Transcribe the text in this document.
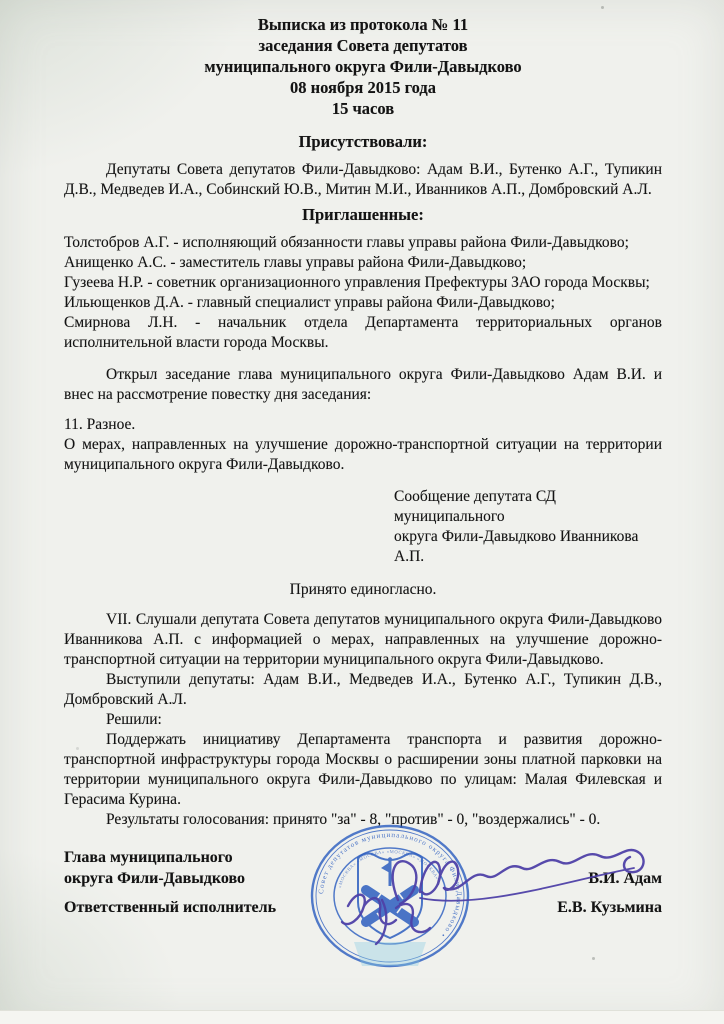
Выписка из протокола № 11
заседания Совета депутатов
муниципального округа Фили-Давыдково
08 ноября 2015 года
15 часов
Присутствовали:

Депутаты Совета депутатов Фили-Давыдково: Адам В.И., Бутенко А.Г., Тупикин Д.В., Медведев И.А., Собинский Ю.В., Митин М.И., Иванников А.П., Домбровский А.Л.

Приглашенные:

Толстобров А.Г. - исполняющий обязанности главы управы района Фили-Давыдково;

Анищенко А.С. - заместитель главы управы района Фили-Давыдково;

Гузеева Н.Р. - советник организационного управления Префектуры ЗАО города Москвы;

Ильющенков Д.А. - главный специалист управы района Фили-Давыдково;

Смирнова Л.Н. - начальник отдела Департамента территориальных органов исполнительной власти города Москвы.

Открыл заседание глава муниципального округа Фили-Давыдково Адам В.И. и внес на рассмотрение повестку дня заседания:

11. Разное.

О мерах, направленных на улучшение дорожно-транспортной ситуации на территории муниципального округа Фили-Давыдково.

Сообщение депутата СД муниципального

округа Фили-Давыдково Иванникова А.П.

Принято единогласно.

VII. Слушали депутата Совета депутатов муниципального округа Фили-Давыдково Иванникова А.П. с информацией о мерах, направленных на улучшение дорожно-транспортной ситуации на территории муниципального округа Фили-Давыдково.

Выступили депутаты: Адам В.И., Медведев И.А., Бутенко А.Г., Тупикин Д.В., Домбровский А.Л.

Решили:

Поддержать инициативу Департамента транспорта и развития дорожно-транспортной инфраструктуры города Москвы о расширении зоны платной парковки на территории муниципального округа Фили-Давыдково по улицам: Малая Филевская и Герасима Курина.

Результаты голосования: принято "за" - 8, "против" - 0, "воздержались" - 0.

Глава муниципального
округа Фили-Давыдково	В.И. Адам
Ответственный исполнитель	Е.В. Кузьмина
Совет депутатов муниципального округа Фили-Давыдково •
«МОСКВА» «МОСКВА» «МОСКВА» «МОСКВА»
